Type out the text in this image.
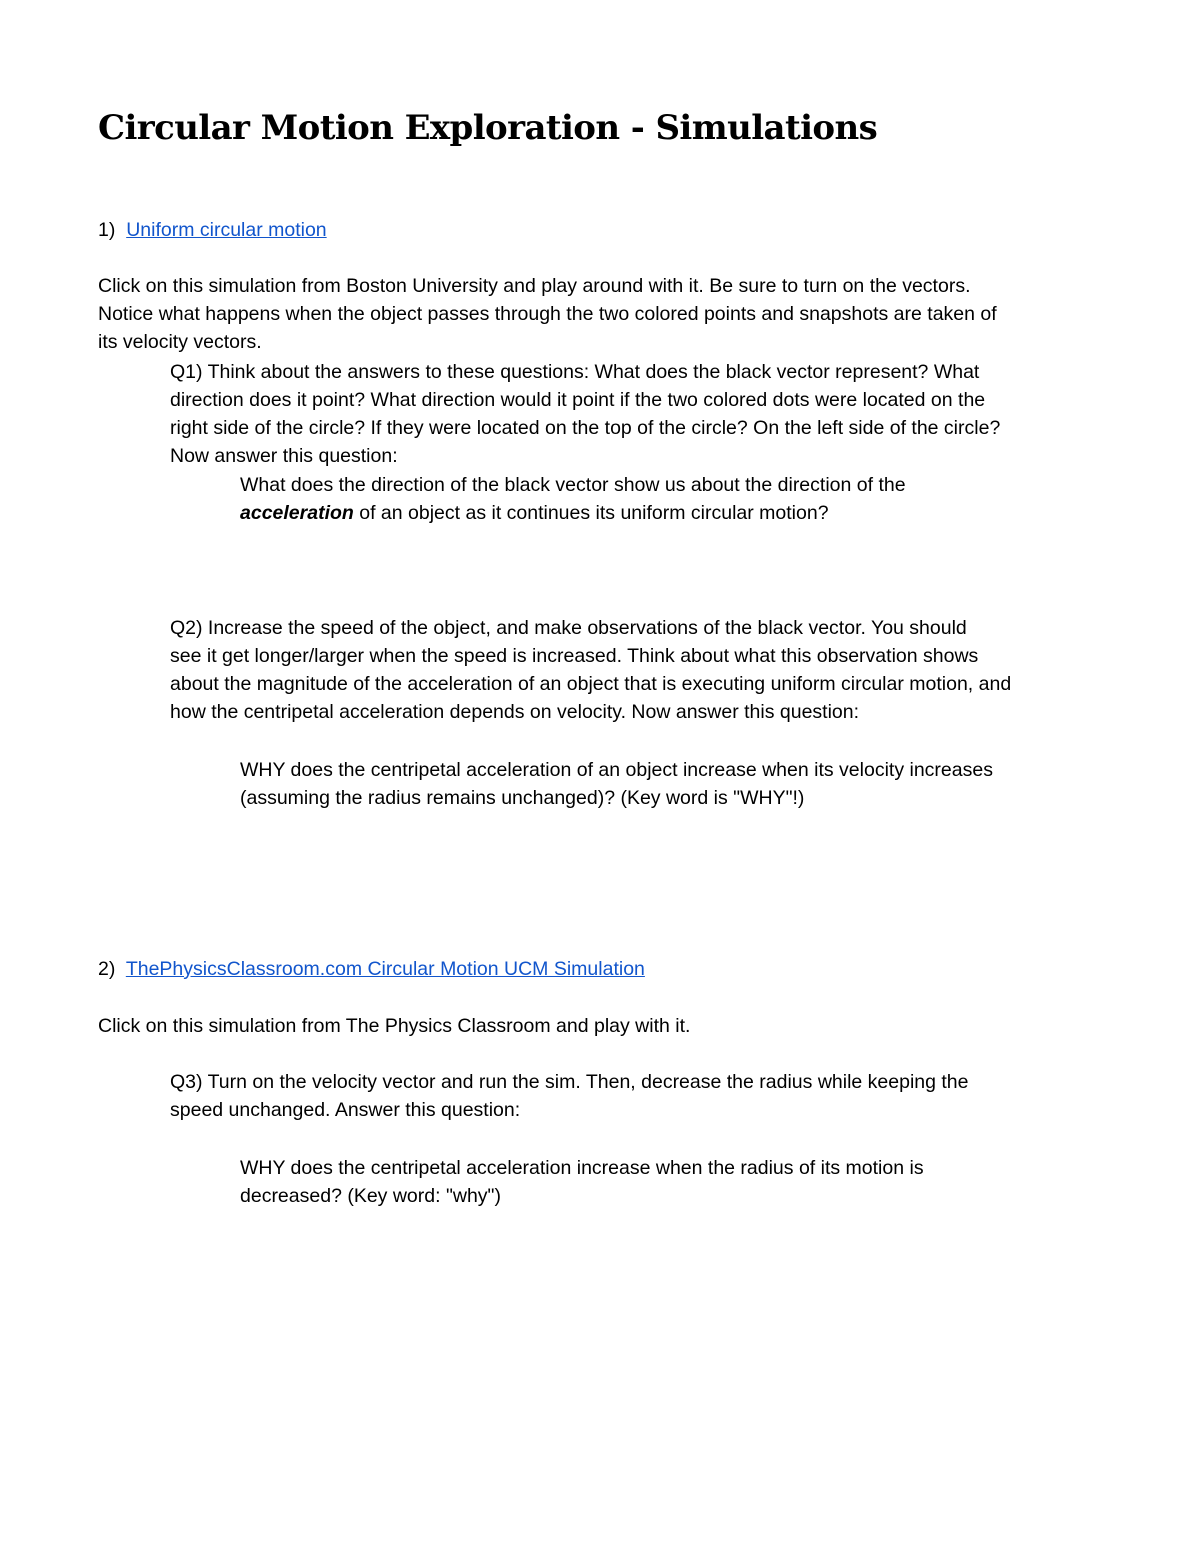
Circular Motion Exploration - Simulations

1) Uniform circular motion

Click on this simulation from Boston University and play around with it. Be sure to turn on the vectors.

Notice what happens when the object passes through the two colored points and snapshots are taken of

its velocity vectors.

Q1) Think about the answers to these questions: What does the black vector represent? What

direction does it point? What direction would it point if the two colored dots were located on the

right side of the circle? If they were located on the top of the circle? On the left side of the circle?

Now answer this question:

What does the direction of the black vector show us about the direction of the

acceleration of an object as it continues its uniform circular motion?

Q2) Increase the speed of the object, and make observations of the black vector. You should

see it get longer/larger when the speed is increased. Think about what this observation shows

about the magnitude of the acceleration of an object that is executing uniform circular motion, and

how the centripetal acceleration depends on velocity. Now answer this question:

WHY does the centripetal acceleration of an object increase when its velocity increases

(assuming the radius remains unchanged)? (Key word is "WHY"!)

2) ThePhysicsClassroom.com Circular Motion UCM Simulation

Click on this simulation from The Physics Classroom and play with it.

Q3) Turn on the velocity vector and run the sim. Then, decrease the radius while keeping the

speed unchanged. Answer this question:

WHY does the centripetal acceleration increase when the radius of its motion is

decreased? (Key word: "why")
